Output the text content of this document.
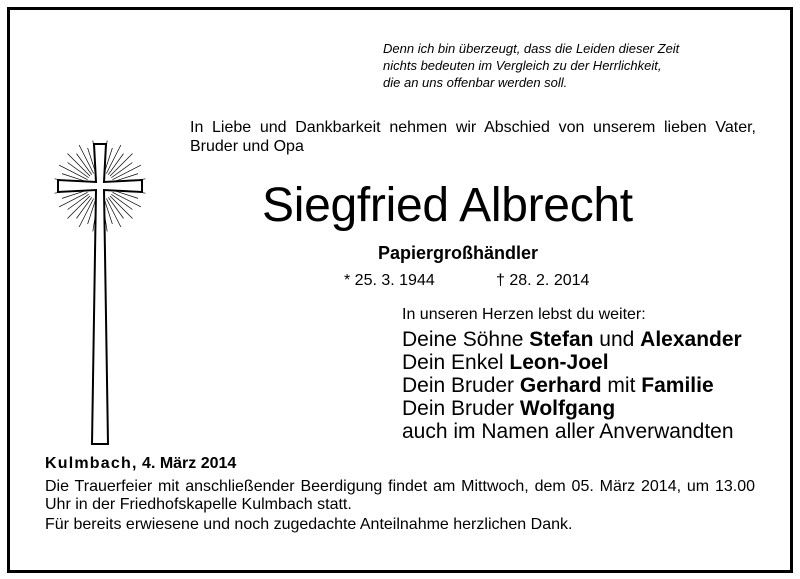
Denn ich bin überzeugt, dass die Leiden dieser Zeit
nichts bedeuten im Vergleich zu der Herrlichkeit,
die an uns offenbar werden soll.
In Liebe und Dankbarkeit nehmen wir Abschied von unserem lieben Vater, Bruder und Opa
Siegfried Albrecht
Papiergroßhändler
* 25. 3. 1944	† 28. 2. 2014
In unseren Herzen lebst du weiter:
Deine Söhne Stefan und Alexander
Dein Enkel Leon-Joel
Dein Bruder Gerhard mit Familie
Dein Bruder Wolfgang
auch im Namen aller Anverwandten
Kulmbach, 4. März 2014

Die Trauerfeier mit anschließender Beerdigung findet am Mittwoch, dem 05. März 2014, um 13.00 Uhr in der Friedhofskapelle Kulmbach statt.

Für bereits erwiesene und noch zugedachte Anteilnahme herzlichen Dank.
